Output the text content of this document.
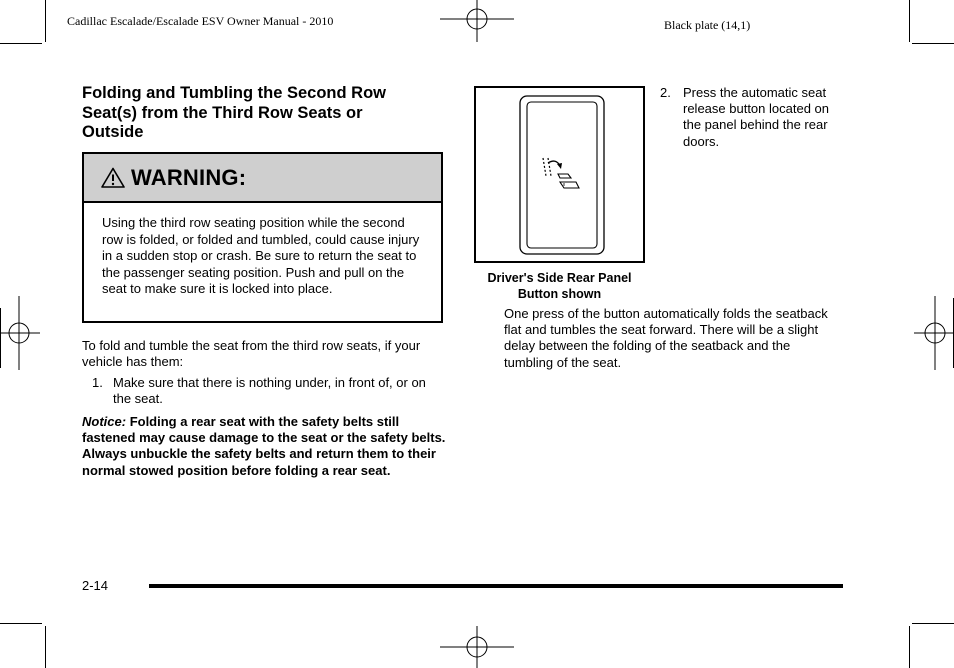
Cadillac Escalade/Escalade ESV Owner Manual - 2010	Black plate (14,1)
Folding and Tumbling the Second Row Seat(s) from the Third Row Seats or Outside
WARNING:
Using the third row seating position while the second row is folded, or folded and tumbled, could cause injury in a sudden stop or crash. Be sure to return the seat to the passenger seating position. Push and pull on the seat to make sure it is locked into place.
To fold and tumble the seat from the third row seats, if your vehicle has them:
1. Make sure that there is nothing under, in front of, or on the seat.
Notice: Folding a rear seat with the safety belts still fastened may cause damage to the seat or the safety belts. Always unbuckle the safety belts and return them to their normal stowed position before folding a rear seat.
Driver's Side Rear Panel
Button shown
2. Press the automatic seat release button located on the panel behind the rear doors.
One press of the button automatically folds the seatback flat and tumbles the seat forward. There will be a slight delay between the folding of the seatback and the tumbling of the seat.
2-14
